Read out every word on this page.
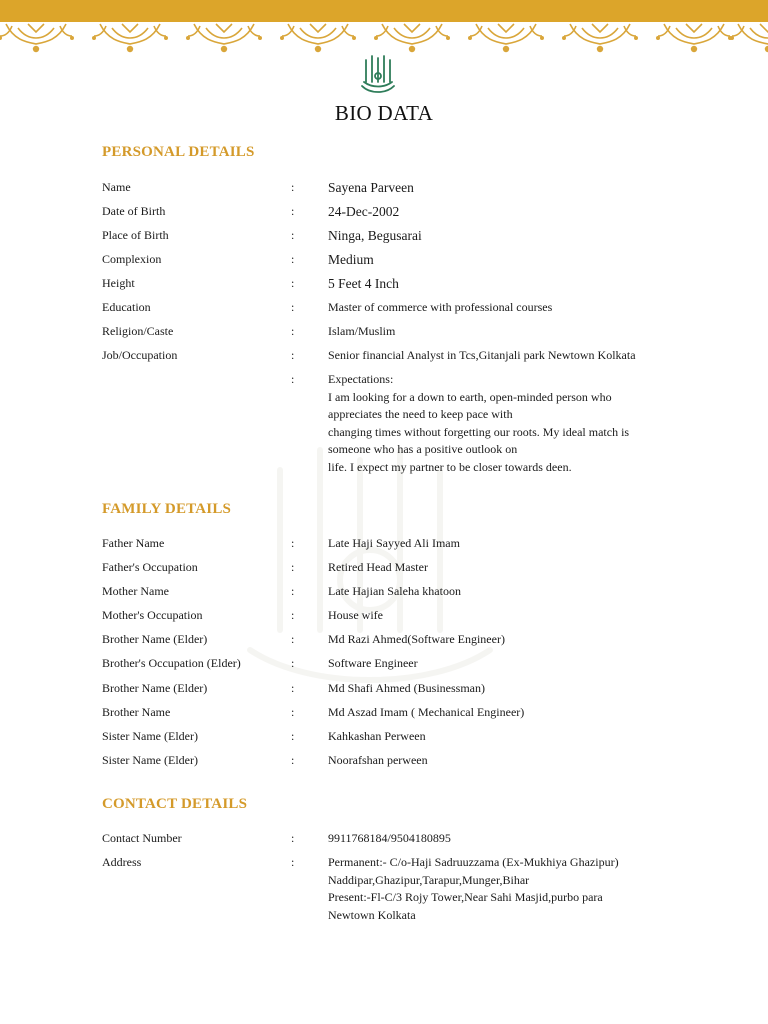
BIO DATA
PERSONAL DETAILS
Name	: Sayena Parveen
Date of Birth	: 24-Dec-2002
Place of Birth	: Ninga, Begusarai
Complexion	: Medium
Height	: 5 Feet 4 Inch
Education	:	Master of commerce with professional courses
Religion/Caste	:	Islam/Muslim
Job/Occupation	:	Senior financial Analyst in Tcs,Gitanjali park Newtown Kolkata
:	Expectations:
I am looking for a down to earth, open-minded person who
appreciates the need to keep pace with
changing times without forgetting our roots. My ideal match is
someone who has a positive outlook on
life. I expect my partner to be closer towards deen.
FAMILY DETAILS
Father Name	:	Late Haji Sayyed Ali Imam
Father's Occupation	:	Retired Head Master
Mother Name	:	Late Hajian Saleha khatoon
Mother's Occupation	:	House wife
Brother Name (Elder)	:	Md Razi Ahmed(Software Engineer)
Brother's Occupation (Elder)	:	Software Engineer
Brother Name (Elder)	:	Md Shafi Ahmed (Businessman)
Brother Name	:	Md Aszad Imam ( Mechanical Engineer)
Sister Name (Elder)	:	Kahkashan Perween
Sister Name (Elder)	:	Noorafshan perween
CONTACT DETAILS
Contact Number	:	9911768184/9504180895
Address	:	Permanent:- C/o-Haji Sadruuzzama (Ex-Mukhiya Ghazipur)
Naddipar,Ghazipur,Tarapur,Munger,Bihar
Present:-Fl-C/3 Rojy Tower,Near Sahi Masjid,purbo para
Newtown Kolkata
